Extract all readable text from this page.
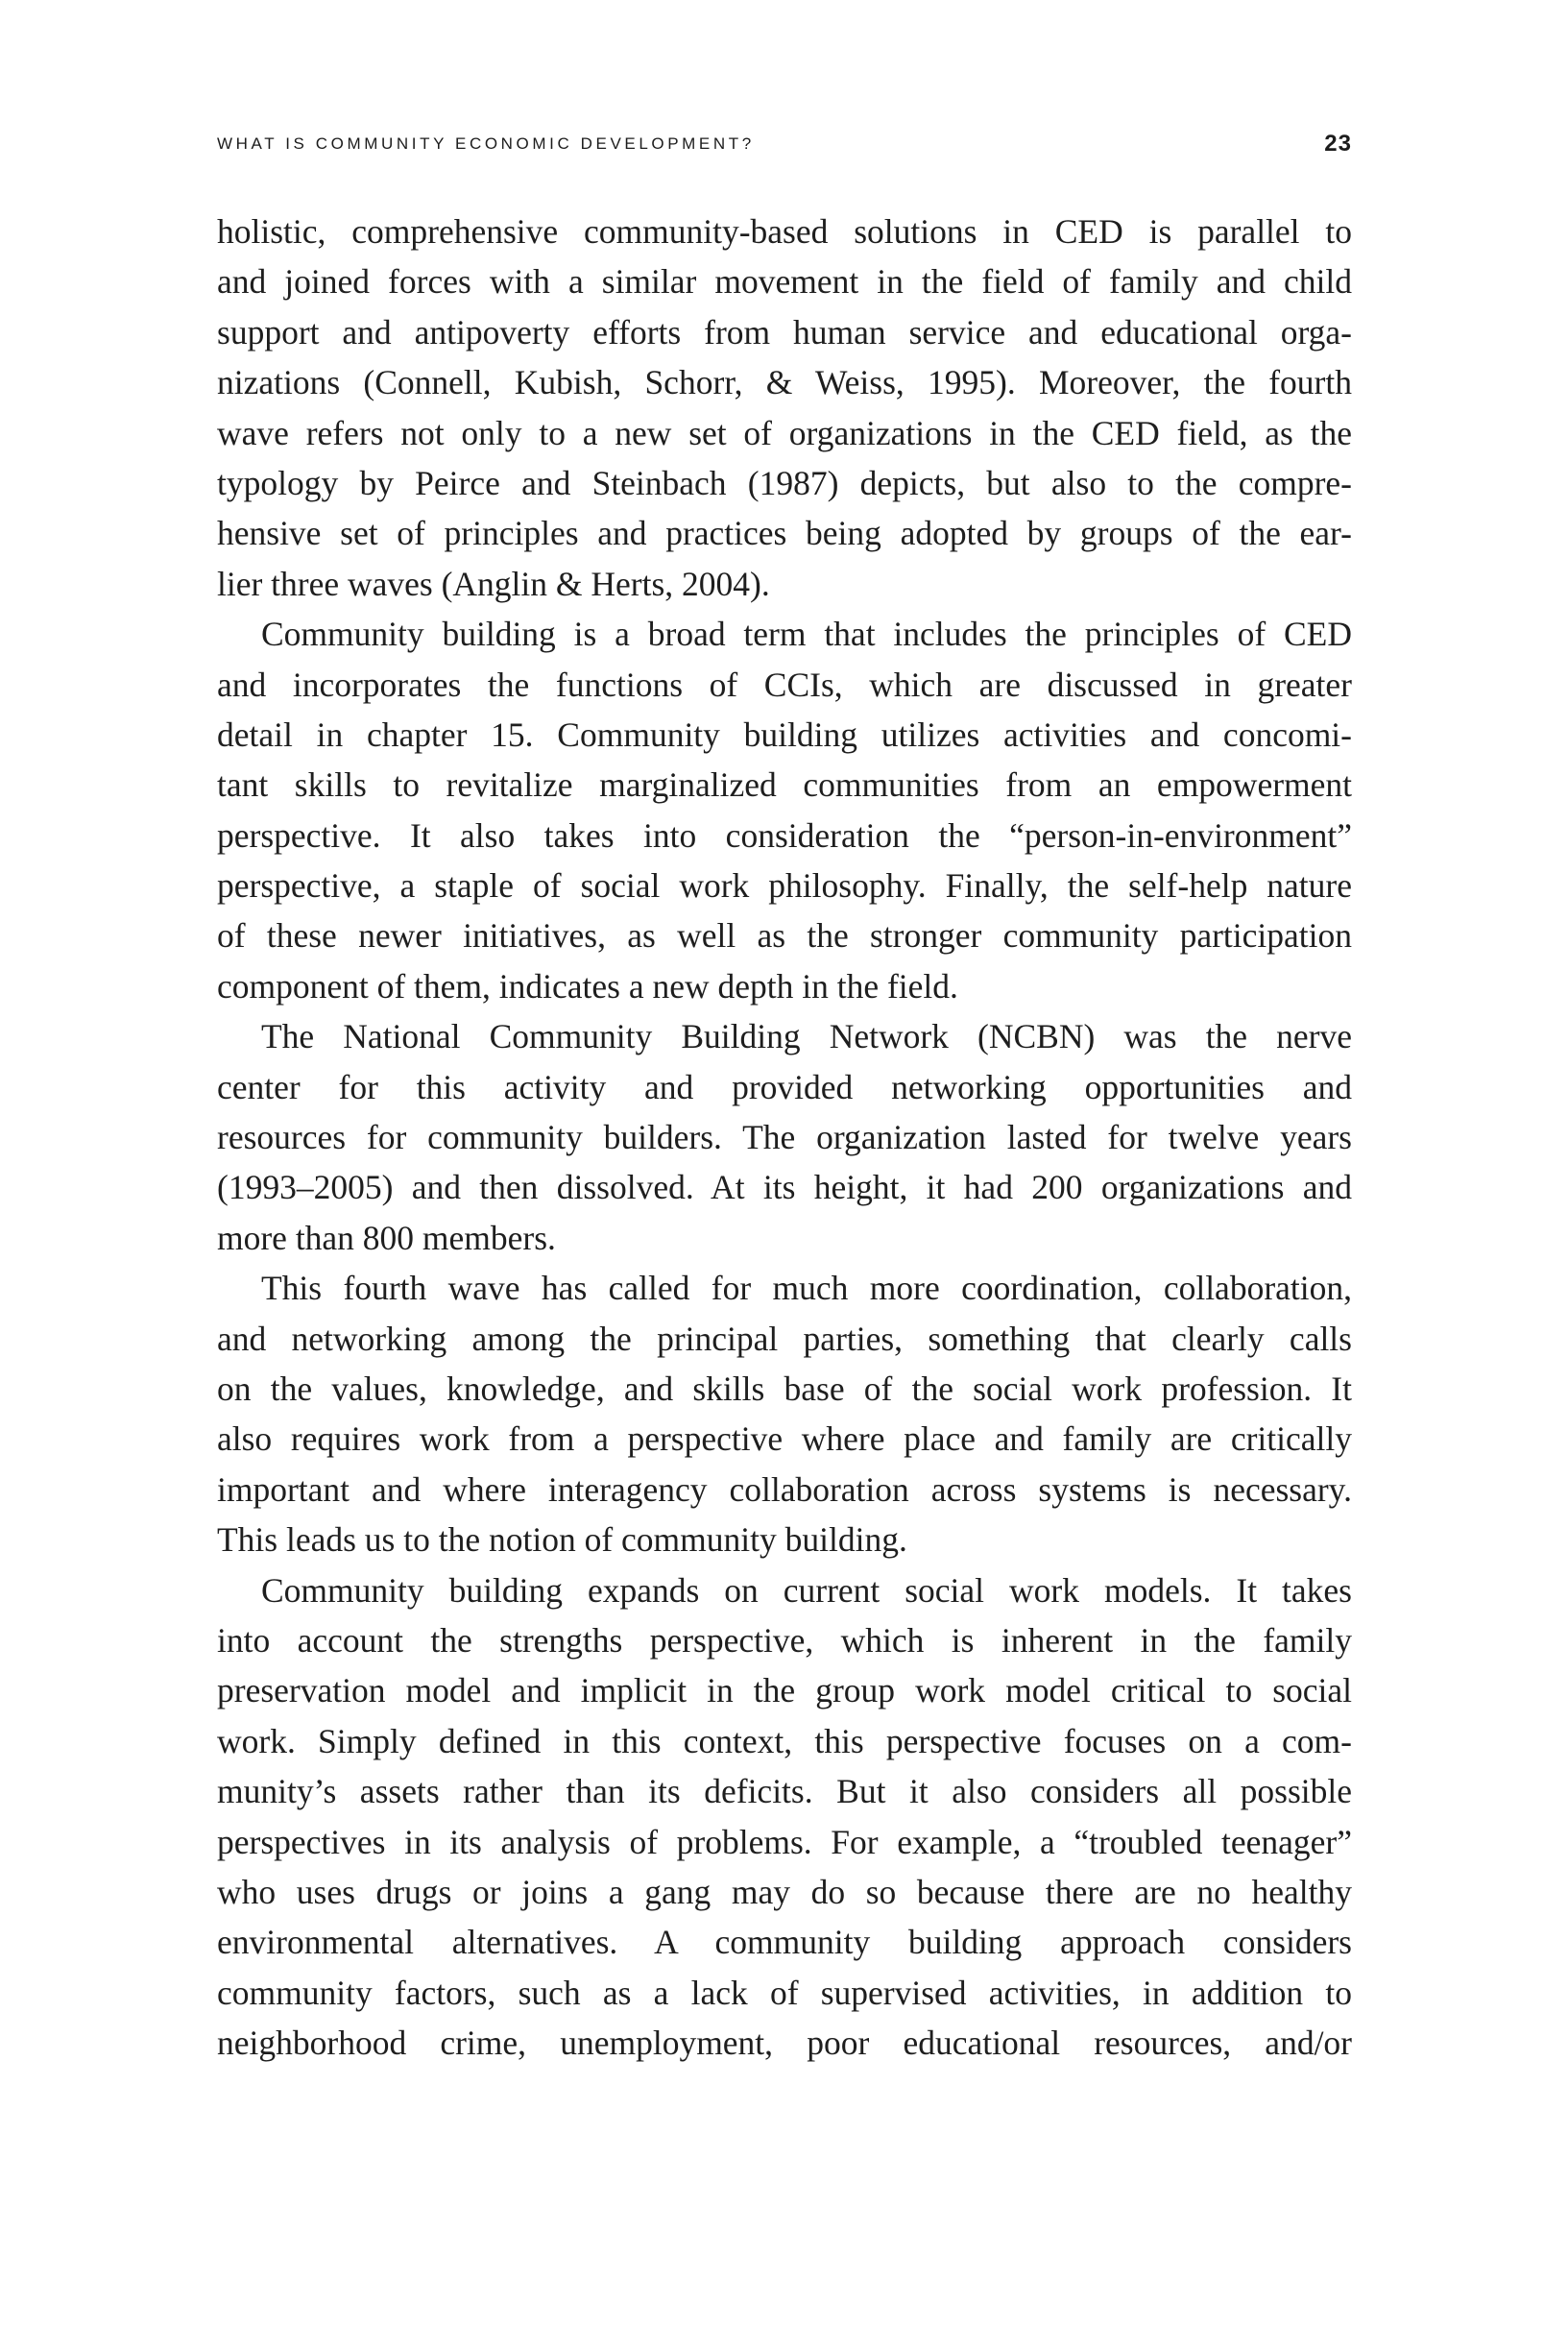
WHAT IS COMMUNITY ECONOMIC DEVELOPMENT?	23
holistic, comprehensive community-based solutions in CED is parallel to
and joined forces with a similar movement in the field of family and child
support and antipoverty efforts from human service and educational orga-
nizations (Connell, Kubish, Schorr, & Weiss, 1995). Moreover, the fourth
wave refers not only to a new set of organizations in the CED field, as the
typology by Peirce and Steinbach (1987) depicts, but also to the compre-
hensive set of principles and practices being adopted by groups of the ear-
lier three waves (Anglin & Herts, 2004).
Community building is a broad term that includes the principles of CED
and incorporates the functions of CCIs, which are discussed in greater
detail in chapter 15. Community building utilizes activities and concomi-
tant skills to revitalize marginalized communities from an empowerment
perspective. It also takes into consideration the “person-in-environment”
perspective, a staple of social work philosophy. Finally, the self-help nature
of these newer initiatives, as well as the stronger community participation
component of them, indicates a new depth in the field.
The National Community Building Network (NCBN) was the nerve
center for this activity and provided networking opportunities and
resources for community builders. The organization lasted for twelve years
(1993–2005) and then dissolved. At its height, it had 200 organizations and
more than 800 members.
This fourth wave has called for much more coordination, collaboration,
and networking among the principal parties, something that clearly calls
on the values, knowledge, and skills base of the social work profession. It
also requires work from a perspective where place and family are critically
important and where interagency collaboration across systems is necessary.
This leads us to the notion of community building.
Community building expands on current social work models. It takes
into account the strengths perspective, which is inherent in the family
preservation model and implicit in the group work model critical to social
work. Simply defined in this context, this perspective focuses on a com-
munity’s assets rather than its deficits. But it also considers all possible
perspectives in its analysis of problems. For example, a “troubled teenager”
who uses drugs or joins a gang may do so because there are no healthy
environmental alternatives. A community building approach considers
community factors, such as a lack of supervised activities, in addition to
neighborhood crime, unemployment, poor educational resources, and/or
